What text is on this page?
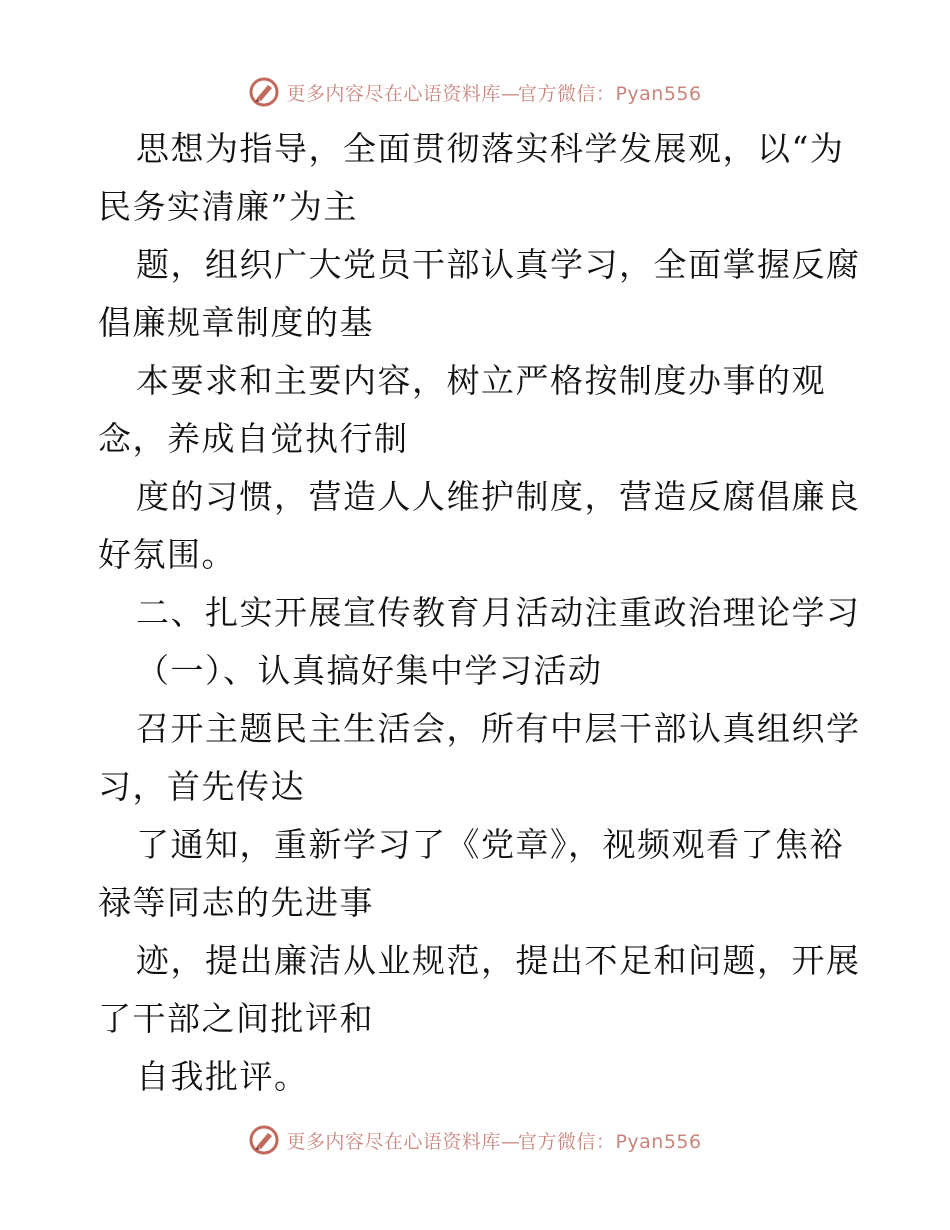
更多内容尽在心语资料库—官方微信：Pyan556
思想为指导，全面贯彻落实科学发展观，以“为
民务实清廉”为主
题，组织广大党员干部认真学习，全面掌握反腐
倡廉规章制度的基
本要求和主要内容，树立严格按制度办事的观
念，养成自觉执行制
度的习惯，营造人人维护制度，营造反腐倡廉良
好氛围。
二、扎实开展宣传教育月活动注重政治理论学习
（一）、认真搞好集中学习活动
召开主题民主生活会，所有中层干部认真组织学
习，首先传达
了通知，重新学习了《党章》，视频观看了焦裕
禄等同志的先进事
迹，提出廉洁从业规范，提出不足和问题，开展
了干部之间批评和
自我批评。
更多内容尽在心语资料库—官方微信：Pyan556
